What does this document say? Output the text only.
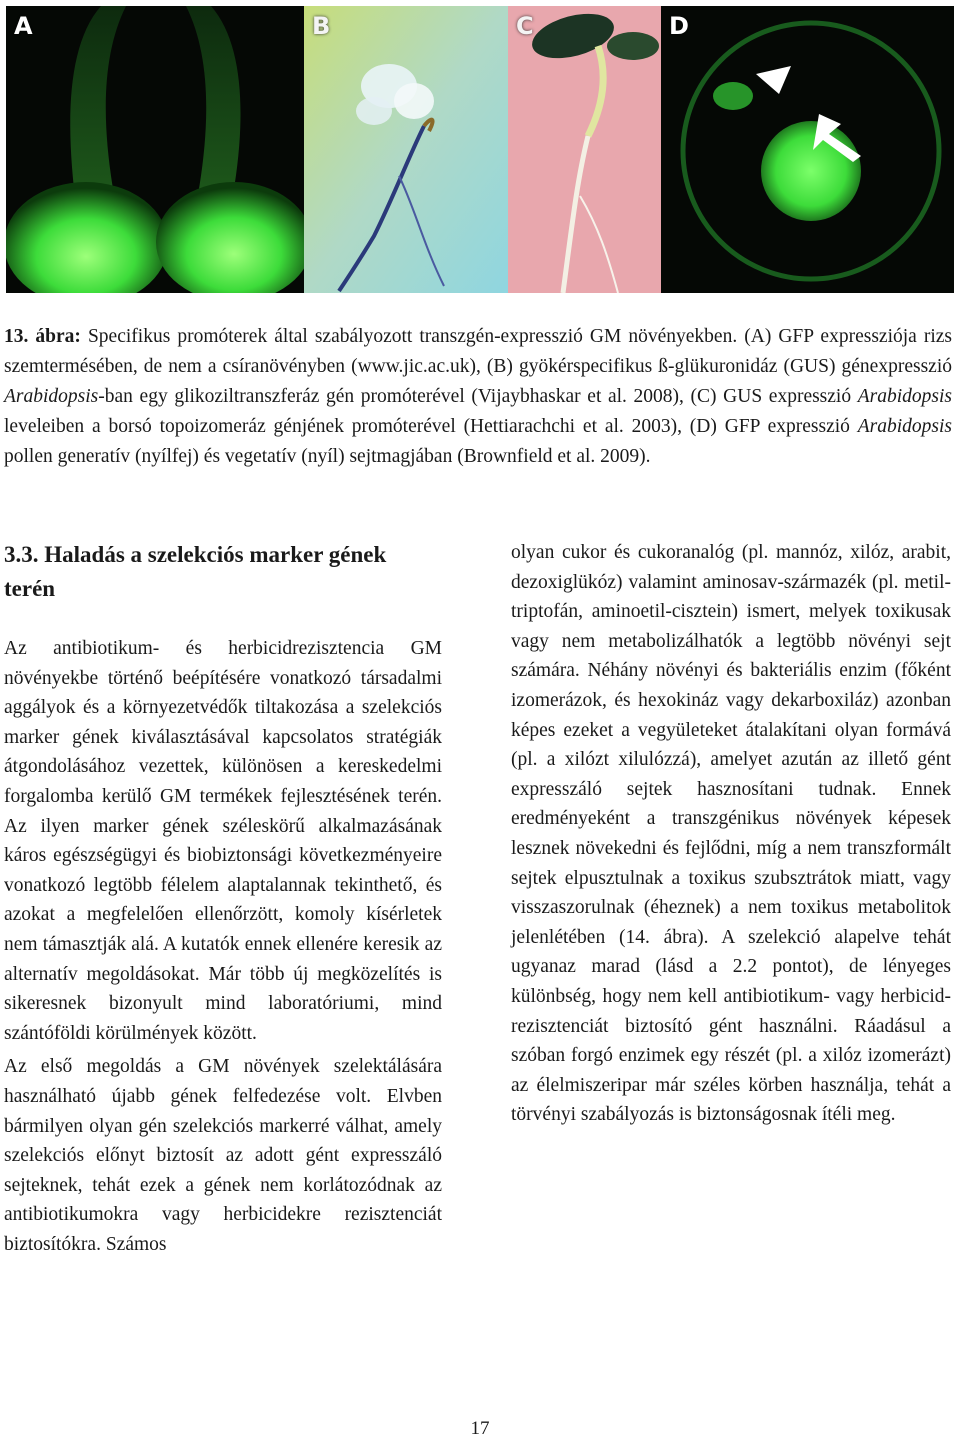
A	B	C	D
13. ábra: Specifikus promóterek által szabályozott transzgén-expresszió GM növényekben. (A) GFP expressziója rizs szemtermésében, de nem a csíranövényben (www.jic.ac.uk), (B) gyökérspecifikus ß-glükuronidáz (GUS) génexpresszió Arabidopsis-ban egy glikoziltranszferáz gén promóterével (Vijaybhaskar et al. 2008), (C) GUS expresszió Arabidopsis leveleiben a borsó topoizomeráz génjének promóterével (Hettiarachchi et al. 2003), (D) GFP expresszió Arabidopsis pollen generatív (nyílfej) és vegetatív (nyíl) sejtmagjában (Brownfield et al. 2009).
3.3. Haladás a szelekciós marker gének terén

Az antibiotikum- és herbicidrezisztencia GM növényekbe történő beépítésére vonatkozó társadalmi aggályok és a környezetvédők tiltakozása a szelekciós marker gének kiválasztásával kapcsolatos stratégiák átgondolásához vezettek, különösen a kereskedelmi forgalomba kerülő GM termékek fejlesztésének terén. Az ilyen marker gének széleskörű alkalmazásának káros egészségügyi és biobiztonsági következményeire vonatkozó legtöbb félelem alaptalannak tekinthető, és azokat a megfelelően ellenőrzött, komoly kísérletek nem támasztják alá. A kutatók ennek ellenére keresik az alternatív megoldásokat. Már több új megközelítés is sikeresnek bizonyult mind laboratóriumi, mind szántóföldi körülmények között.

Az első megoldás a GM növények szelektálására használható újabb gének felfedezése volt. Elvben bármilyen olyan gén szelekciós markerré válhat, amely szelekciós előnyt biztosít az adott gént expresszáló sejteknek, tehát ezek a gének nem korlátozódnak az antibiotikumokra vagy herbicidekre rezisztenciát biztosítókra. Számos

olyan cukor és cukoranalóg (pl. mannóz, xilóz, arabit, dezoxiglükóz) valamint aminosav-származék (pl. metil-triptofán, aminoetil-cisztein) ismert, melyek toxikusak vagy nem metabolizálhatók a legtöbb növényi sejt számára. Néhány növényi és bakteriális enzim (főként izomerázok, és hexokináz vagy dekarboxiláz) azonban képes ezeket a vegyületeket átalakítani olyan formává (pl. a xilózt xilulózzá), amelyet azután az illető gént expresszáló sejtek hasznosítani tudnak. Ennek eredményeként a transzgénikus növények képesek lesznek növekedni és fejlődni, míg a nem transzformált sejtek elpusztulnak a toxikus szubsztrátok miatt, vagy visszaszorulnak (éheznek) a nem toxikus metabolitok jelenlétében (14. ábra). A szelekció alapelve tehát ugyanaz marad (lásd a 2.2 pontot), de lényeges különbség, hogy nem kell antibiotikum- vagy herbicid-rezisztenciát biztosító gént használni. Ráadásul a szóban forgó enzimek egy részét (pl. a xilóz izomerázt) az élelmiszeripar már széles körben használja, tehát a törvényi szabályozás is biztonságosnak ítéli meg.

17
